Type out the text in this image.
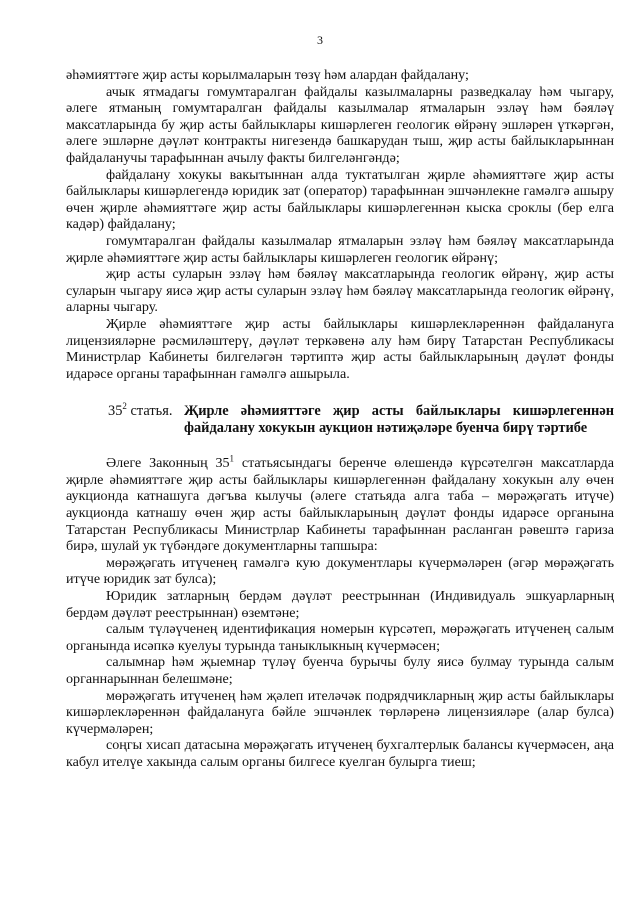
3

әһәмияттәге җир асты корылмаларын төзү һәм алардан файдалану;

ачык ятмадагы гомумтаралган файдалы казылмаларны разведкалау һәм чыгару, әлеге ятманың гомумтаралган файдалы казылмалар ятмаларын эзләү һәм бәяләү максатларында бу җир асты байлыклары кишәрлеген геологик өйрәнү эшләрен үткәргән, әлеге эшләрне дәүләт контракты нигезендә башкарудан тыш, җир асты байлыкларыннан файдаланучы тарафыннан ачылу факты билгеләнгәндә;

файдалану хокукы вакытыннан алда туктатылган җирле әһәмияттәге җир асты байлыклары кишәрлегендә юридик зат (оператор) тарафыннан эшчәнлекне гамәлгә ашыру өчен җирле әһәмияттәге җир асты байлыклары кишәрлегеннән кыска сроклы (бер елга кадәр) файдалану;

гомумтаралган файдалы казылмалар ятмаларын эзләү һәм бәяләү максатларында җирле әһәмияттәге җир асты байлыклары кишәрлеген геологик өйрәнү;

җир асты суларын эзләү һәм бәяләү максатларында геологик өйрәнү, җир асты суларын чыгару яисә җир асты суларын эзләү һәм бәяләү максатларында геологик өйрәнү, аларны чыгару.

Җирле әһәмияттәге җир асты байлыклары кишәрлекләреннән файдалануга лицензияләрне рәсмиләштерү, дәүләт теркәвенә алу һәм бирү Татарстан Республикасы Министрлар Кабинеты билгеләгән тәртиптә җир асты байлыкларының дәүләт фонды идарәсе органы тарафыннан гамәлгә ашырыла.

$35^2$ статья. Җирле әһәмияттәге җир асты байлыклары кишәрлегеннән файдалану хокукын аукцион нәтиҗәләре буенча бирү тәртибе

Әлеге Законның $35^1$ статьясындагы беренче өлешендә күрсәтелгән максатларда җирле әһәмияттәге җир асты байлыклары кишәрлегеннән файдалану хокукын алу өчен аукционда катнашуга дәгъва кылучы (әлеге статьяда алга таба – мөрәҗәгать итүче) аукционда катнашу өчен җир асты байлыкларының дәүләт фонды идарәсе органына Татарстан Республикасы Министрлар Кабинеты тарафыннан расланган рәвештә гариза бирә, шулай ук түбәндәге документларны тапшыра:

мөрәҗәгать итүченең гамәлгә кую документлары күчермәләрен (әгәр мөрәҗәгать итүче юридик зат булса);

Юридик затларның бердәм дәүләт реестрыннан (Индивидуаль эшкуарларның бердәм дәүләт реестрыннан) өземтәне;

салым түләүченең идентификация номерын күрсәтеп, мөрәҗәгать итүченең салым органында исәпкә куелуы турында таныклыкның күчермәсен;

салымнар һәм җыемнар түләү буенча бурычы булу яисә булмау турында салым органнарыннан белешмәне;

мөрәҗәгать итүченең һәм җәлеп ителәчәк подрядчикларның җир асты байлыклары кишәрлекләреннән файдалануга бәйле эшчәнлек төрләренә лицензияләре (алар булса) күчермәләрен;

соңгы хисап датасына мөрәҗәгать итүченең бухгалтерлык балансы күчермәсен, аңа кабул ителүе хакында салым органы билгесе куелган булырга тиеш;
